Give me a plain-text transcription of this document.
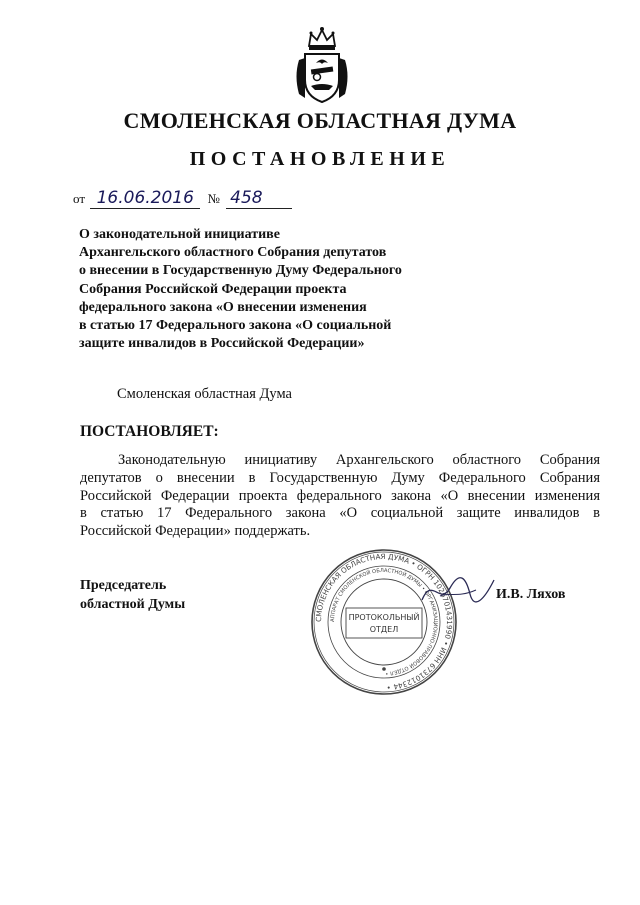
СМОЛЕНСКАЯ ОБЛАСТНАЯ ДУМА
ПОСТАНОВЛЕНИЕ
от 16.06.2016 № 458
О законодательной инициативе
Архангельского областного Собрания депутатов
о внесении в Государственную Думу Федерального
Собрания Российской Федерации проекта
федерального закона «О внесении изменения
в статью 17 Федерального закона «О социальной
защите инвалидов в Российской Федерации»
Смоленская областная Дума
ПОСТАНОВЛЯЕТ:
Законодательную инициативу Архангельского областного Собрания
депутатов о внесении в Государственную Думу Федерального Собрания
Российской Федерации проекта федерального закона «О внесении изменения
в статью 17 Федерального закона «О социальной защите инвалидов в
Российской Федерации» поддержать.
Председатель
областной Думы
СМОЛЕНСКАЯ ОБЛАСТНАЯ ДУМА • ОГРН 1026701431990 • ИНН 6731012344 •
АППАРАТ СМОЛЕНСКОЙ ОБЛАСТНОЙ ДУМЫ • ОРГАНИЗАЦИОННО-ПРАВОВОЙ ОТДЕЛ •
ПРОТОКОЛЬНЫЙ
ОТДЕЛ
И.В. Ляхов
